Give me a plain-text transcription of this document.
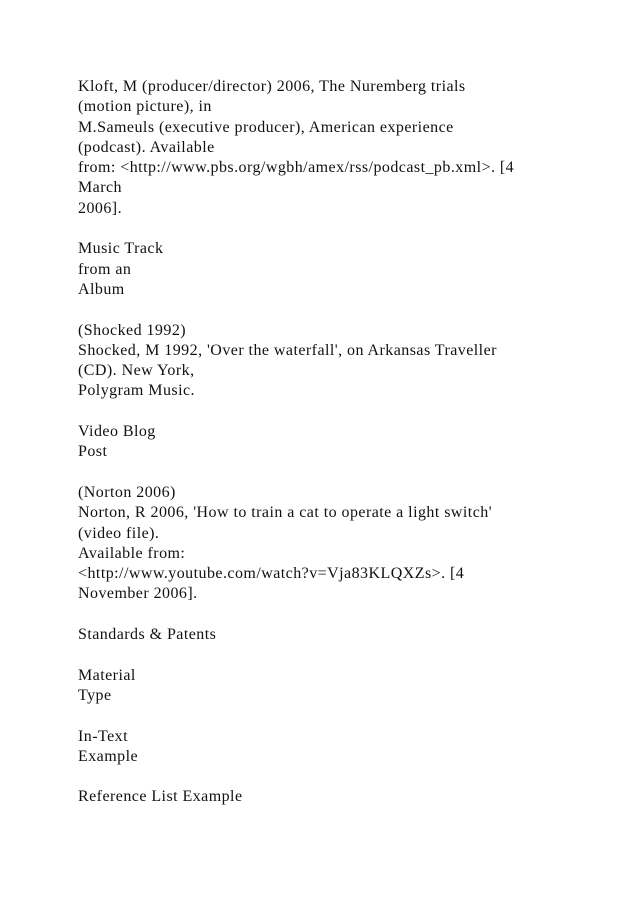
Kloft, M (producer/director) 2006, The Nuremberg trials
(motion picture), in
M.Sameuls (executive producer), American experience
(podcast). Available
from: <http://www.pbs.org/wgbh/amex/rss/podcast_pb.xml>. [4
March
2006].
Music Track
from an
Album
(Shocked 1992)
Shocked, M 1992, 'Over the waterfall', on Arkansas Traveller
(CD). New York,
Polygram Music.
Video Blog
Post
(Norton 2006)
Norton, R 2006, 'How to train a cat to operate a light switch'
(video file).
Available from:
<http://www.youtube.com/watch?v=Vja83KLQXZs>. [4
November 2006].
Standards & Patents
Material
Type
In-Text
Example
Reference List Example
